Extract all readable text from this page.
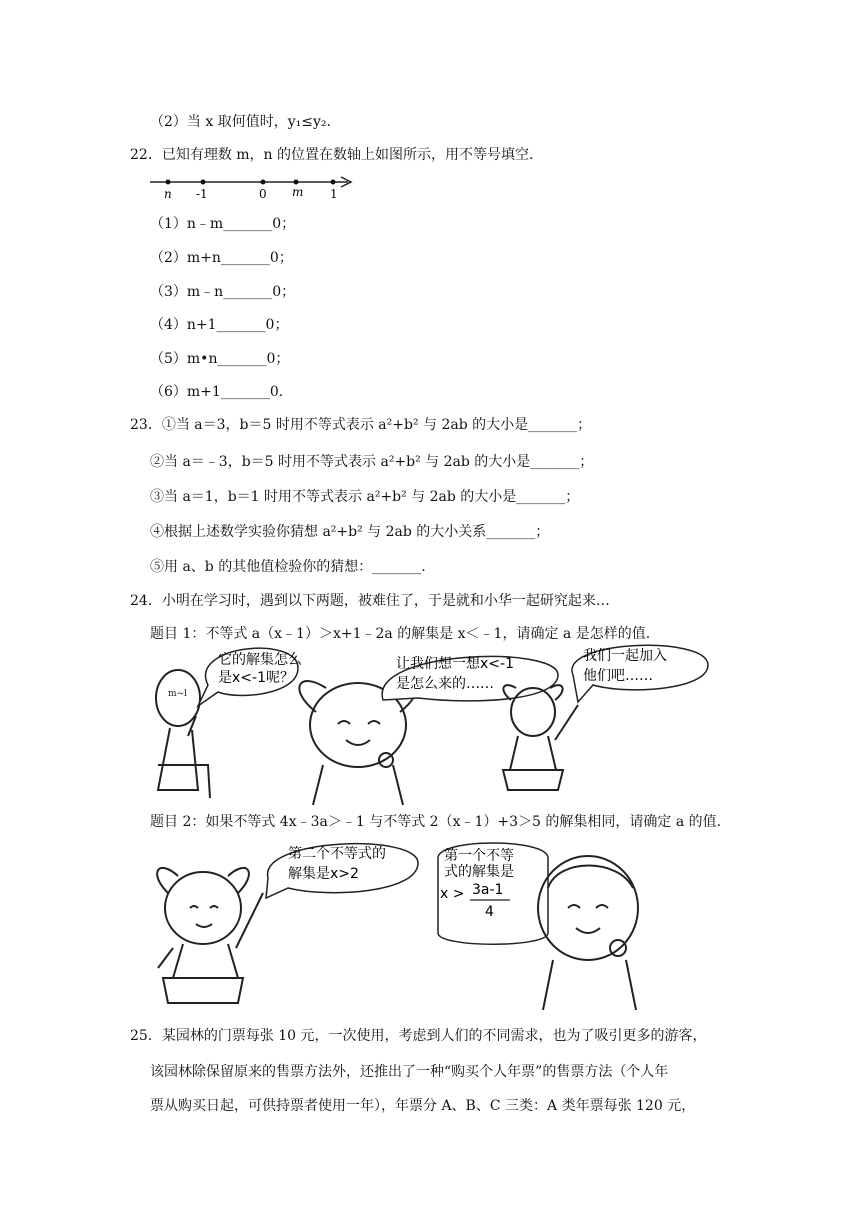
（2）当 x 取何值时，y₁≤y₂.
22．已知有理数 m，n 的位置在数轴上如图所示，用不等号填空.
n -1	0 m 1
（1）n﹣m_______0；
（2）m+n_______0；
（3）m﹣n_______0；
（4）n+1_______0；
（5）m•n_______0；
（6）m+1_______0.
23．①当 a＝3，b＝5 时用不等式表示 a²+b² 与 2ab 的大小是_______；
②当 a＝﹣3，b＝5 时用不等式表示 a²+b² 与 2ab 的大小是_______；
③当 a＝1，b＝1 时用不等式表示 a²+b² 与 2ab 的大小是_______；
④根据上述数学实验你猜想 a²+b² 与 2ab 的大小关系_______；
⑤用 a、b 的其他值检验你的猜想：_______.
24．小明在学习时，遇到以下两题，被难住了，于是就和小华一起研究起来…
题目 1：不等式 a（x﹣1）＞x+1﹣2a 的解集是 x＜﹣1，请确定 a 是怎样的值.
m~l
它的解集怎么
是x<-1呢？
让我们想一想x<-1
是怎么来的……
我们一起加入
他们吧……
题目 2：如果不等式 4x﹣3a＞﹣1 与不等式 2（x﹣1）+3＞5 的解集相同，请确定 a 的值.
第二个不等式的
解集是x>2
第一个不等
式的解集是
x > 3a-1
4
25．某园林的门票每张 10 元，一次使用，考虑到人们的不同需求，也为了吸引更多的游客，
该园林除保留原来的售票方法外，还推出了一种“购买个人年票”的售票方法（个人年
票从购买日起，可供持票者使用一年），年票分 A、B、C 三类：A 类年票每张 120 元，
